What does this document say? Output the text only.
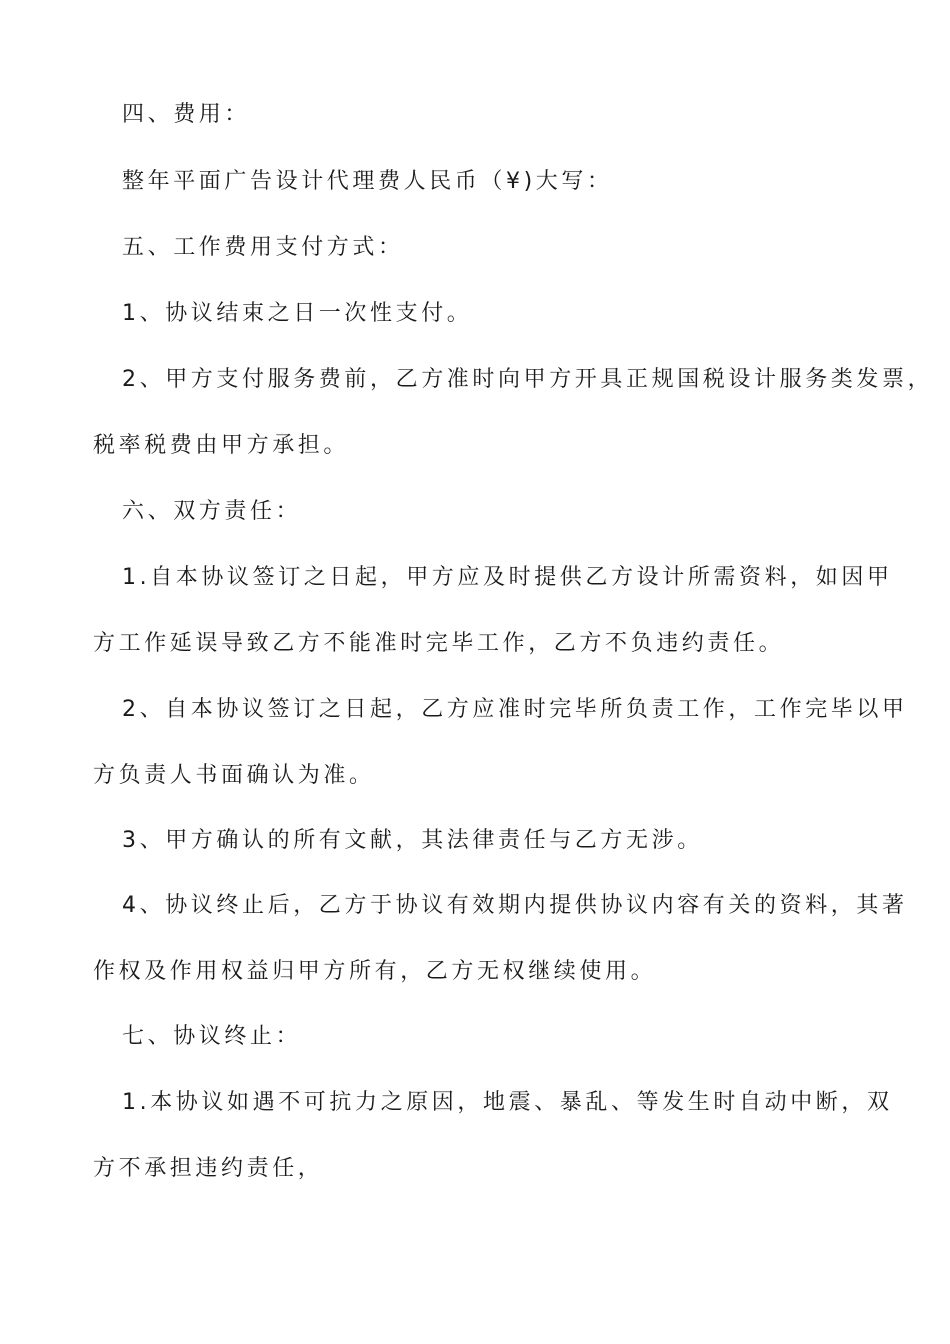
四、费用：
整年平面广告设计代理费人民币（¥)大写：
五、工作费用支付方式：
1、协议结束之日一次性支付。
2、甲方支付服务费前，乙方准时向甲方开具正规国税设计服务类发票，
税率税费由甲方承担。
六、双方责任：
1.自本协议签订之日起，甲方应及时提供乙方设计所需资料，如因甲
方工作延误导致乙方不能准时完毕工作，乙方不负违约责任。
2、自本协议签订之日起，乙方应准时完毕所负责工作，工作完毕以甲
方负责人书面确认为准。
3、甲方确认的所有文献，其法律责任与乙方无涉。
4、协议终止后，乙方于协议有效期内提供协议内容有关的资料，其著
作权及作用权益归甲方所有，乙方无权继续使用。
七、协议终止：
1.本协议如遇不可抗力之原因，地震、暴乱、等发生时自动中断，双
方不承担违约责任，
